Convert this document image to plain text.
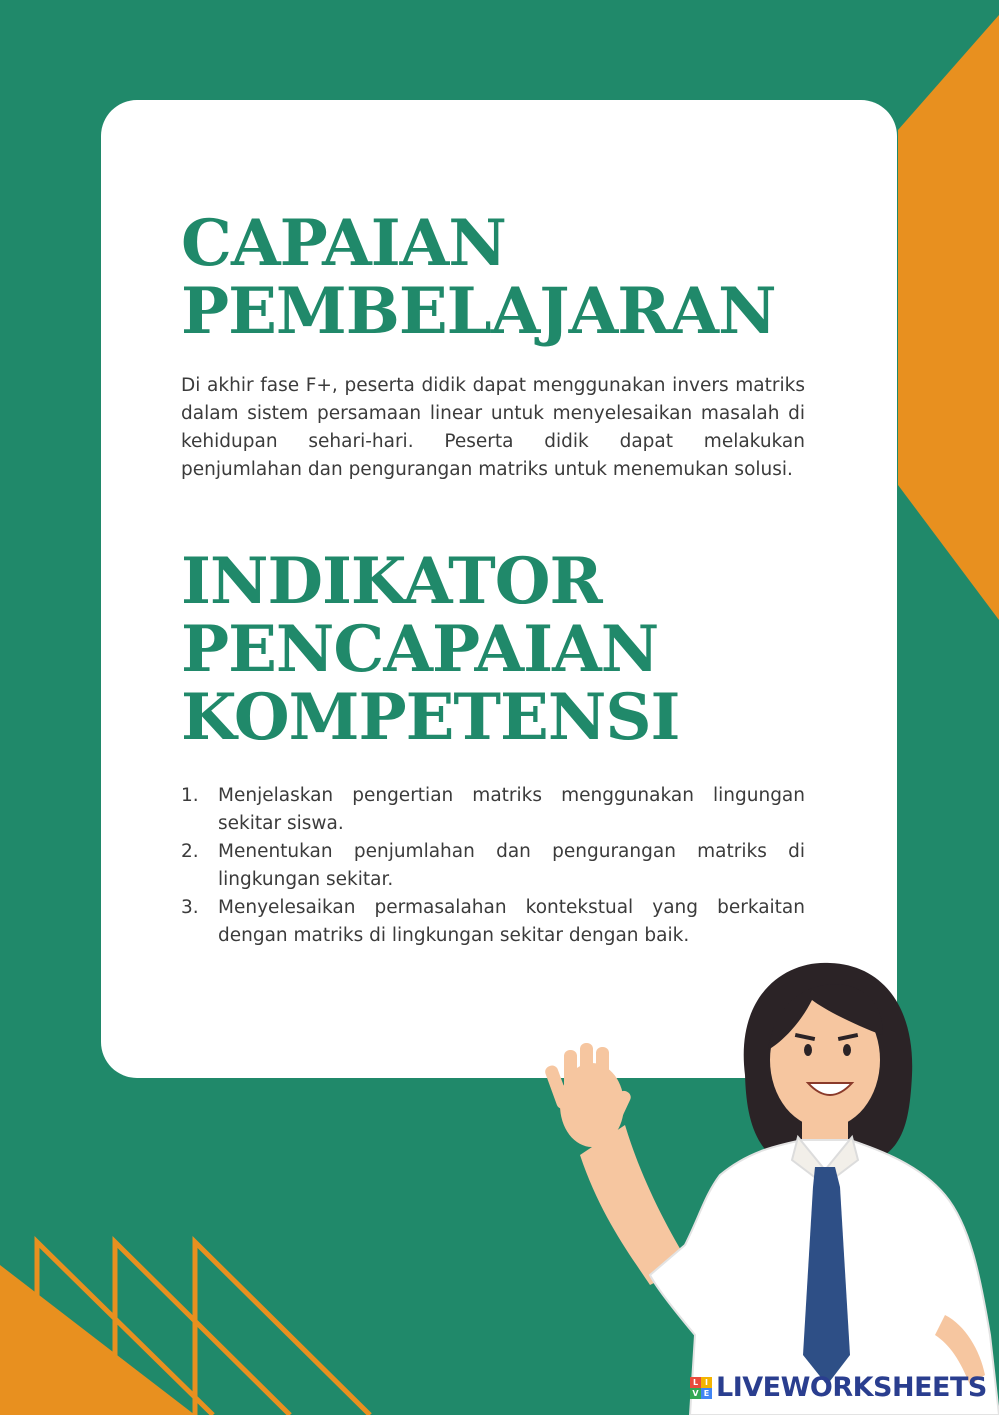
CAPAIAN
PEMBELAJARAN

Di akhir fase F+, peserta didik dapat menggunakan invers matriks dalam sistem persamaan linear untuk menyelesaikan masalah di kehidupan sehari-hari. Peserta didik dapat melakukan penjumlahan dan pengurangan matriks untuk menemukan solusi.

INDIKATOR
PENCAPAIAN
KOMPETENSI
1.	Menjelaskan pengertian matriks menggunakan lingungan sekitar siswa.
2.	Menentukan penjumlahan dan pengurangan matriks di lingkungan sekitar.
3.	Menyelesaikan permasalahan kontekstual yang berkaitan dengan matriks di lingkungan sekitar dengan baik.
L I
V E LIVEWORKSHEETS
